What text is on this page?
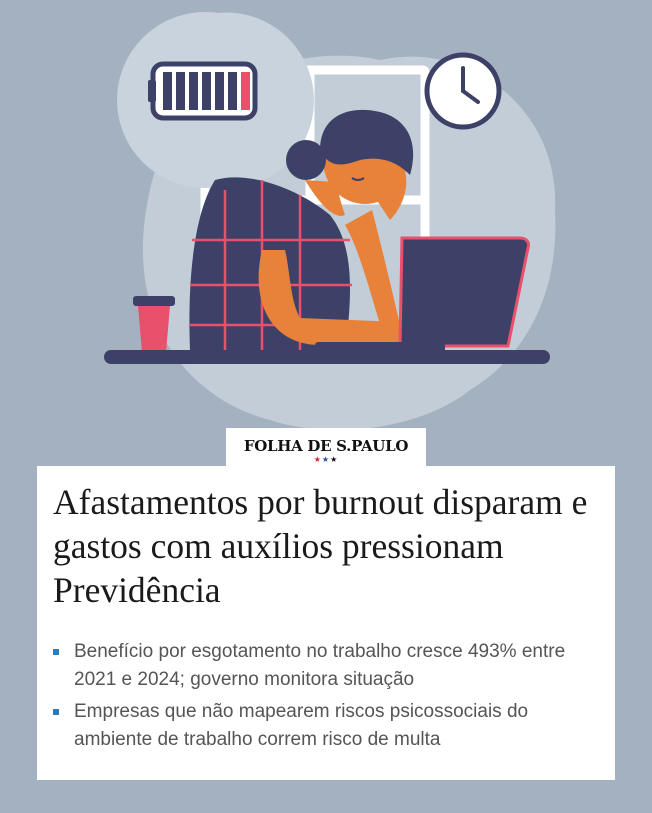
FOLHA DE S.PAULO
★★★
Afastamentos por burnout disparam e gastos com auxílios pressionam Previdência
Benefício por esgotamento no trabalho cresce 493% entre 2021 e 2024; governo monitora situação
Empresas que não mapearem riscos psicossociais do ambiente de trabalho correm risco de multa
